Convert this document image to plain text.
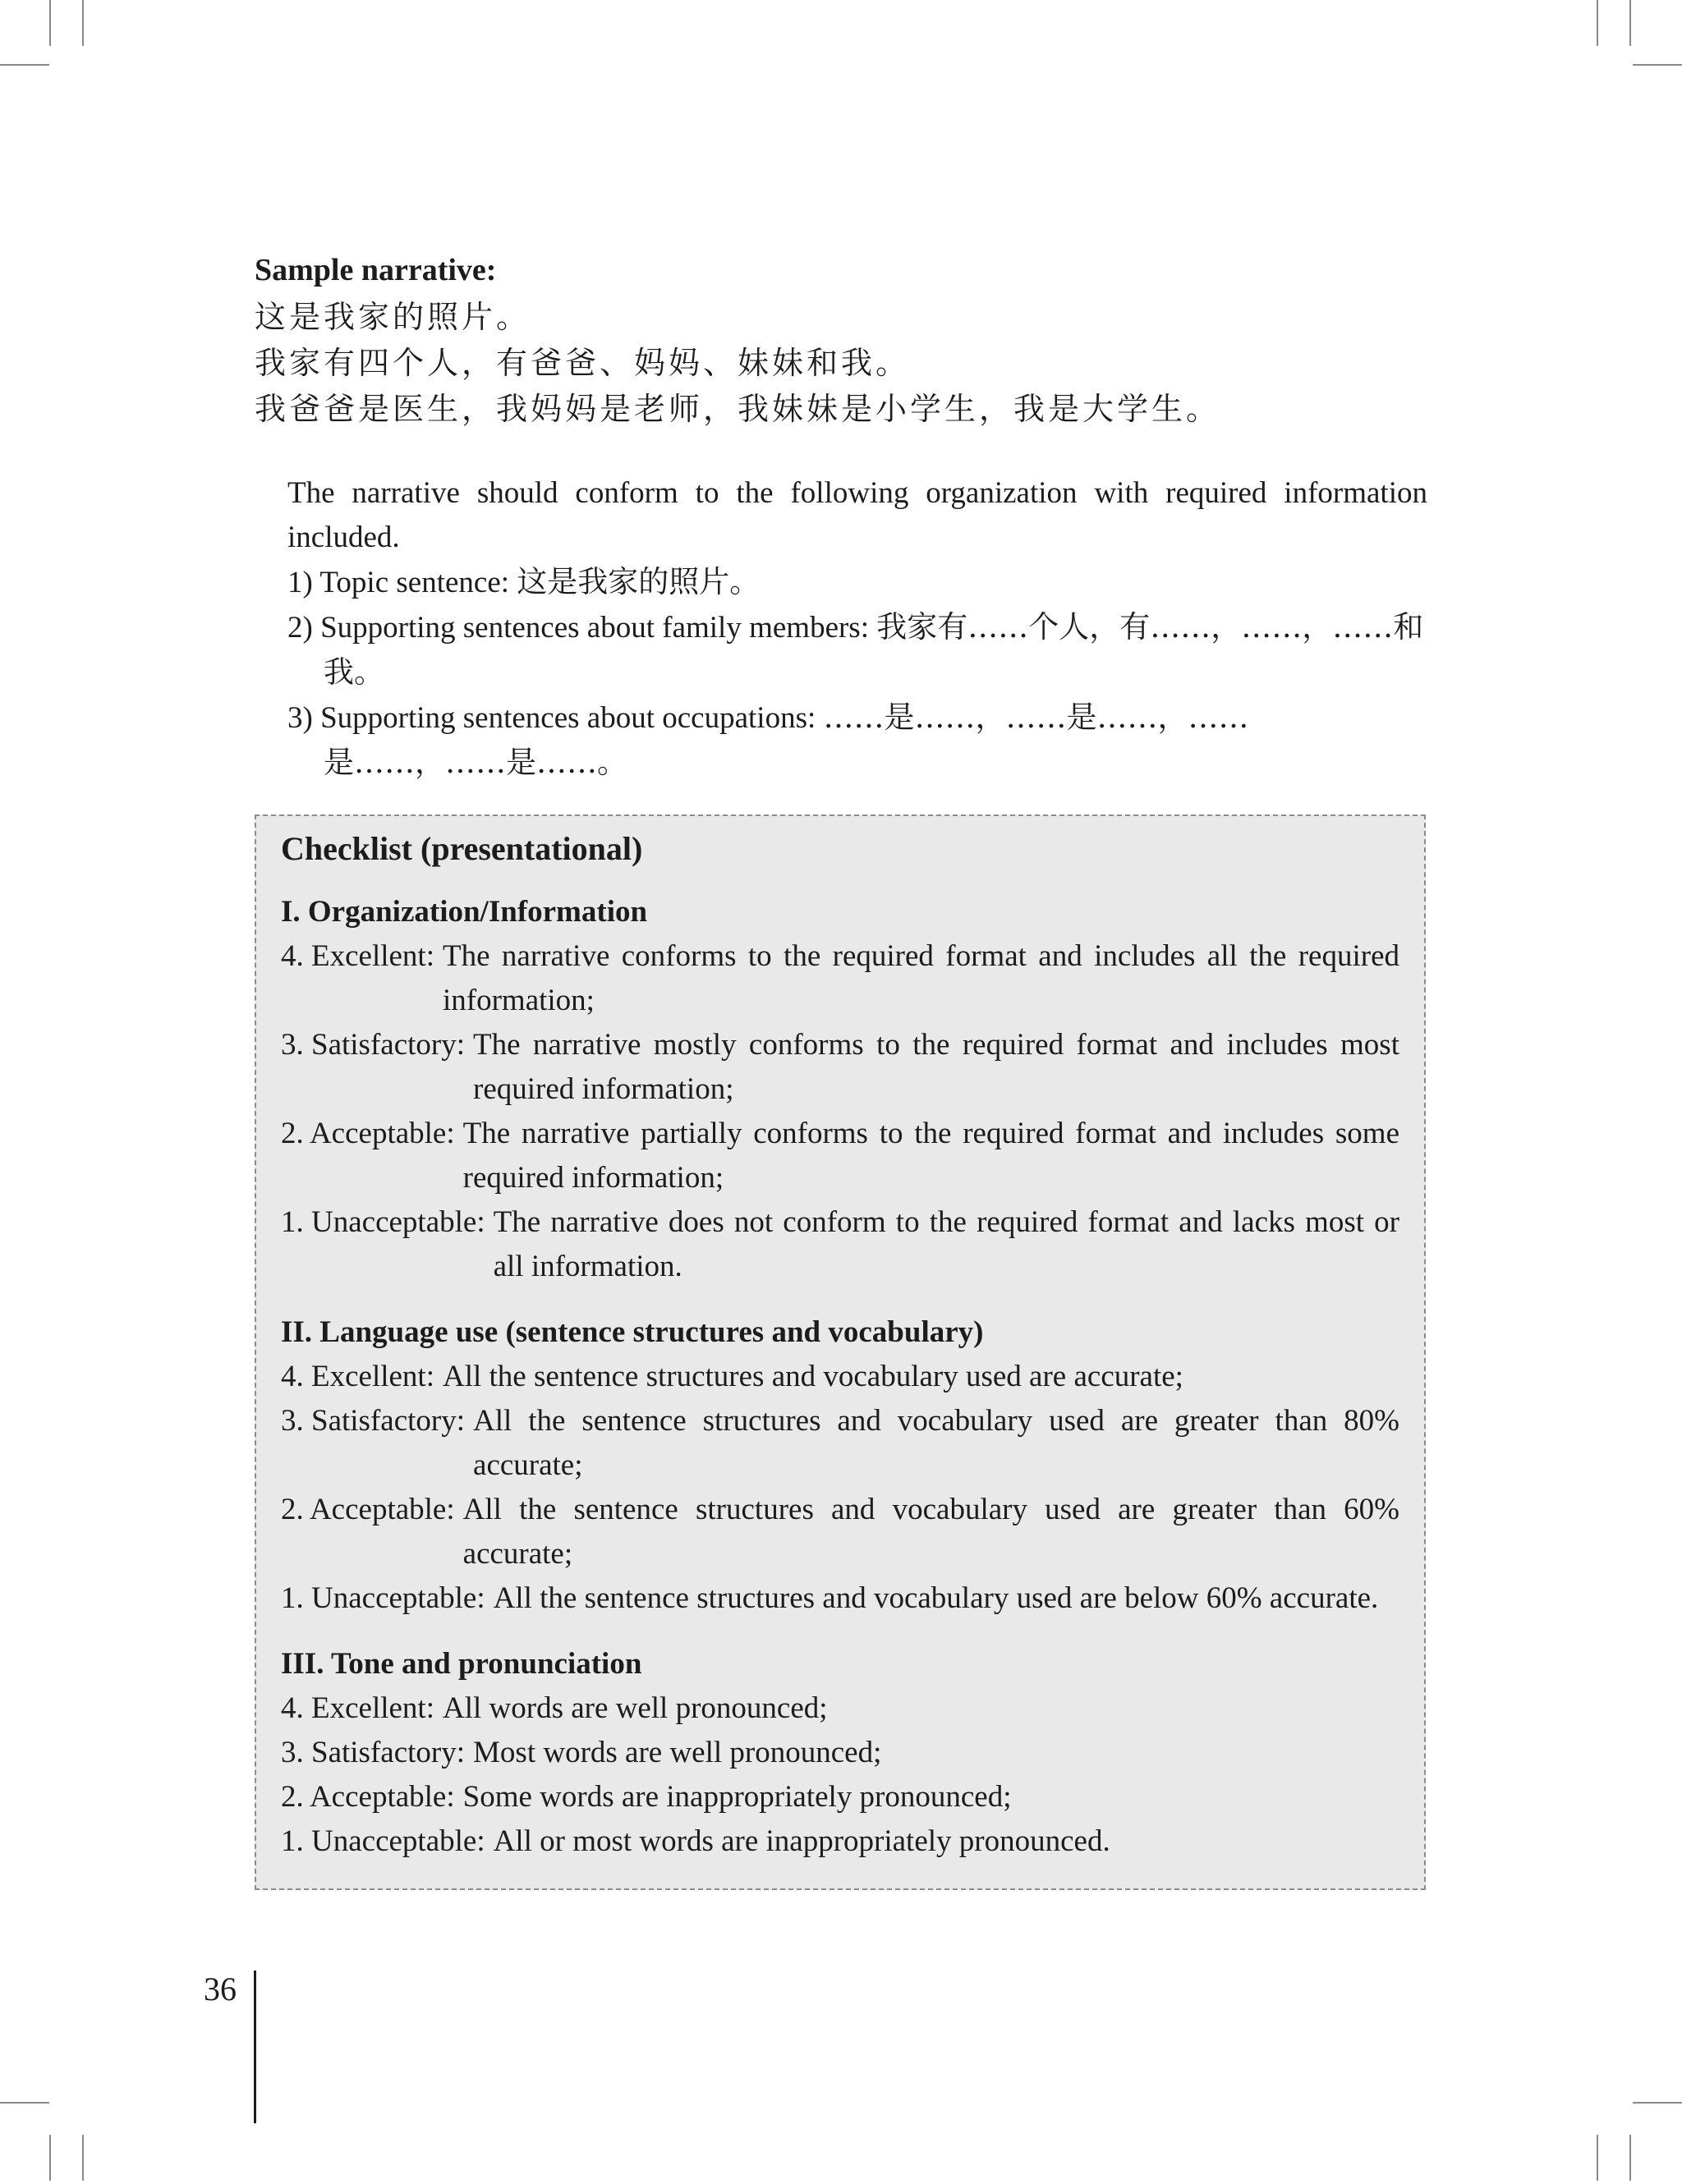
Sample narrative:
这是我家的照片。
我家有四个人，有爸爸、妈妈、妹妹和我。
我爸爸是医生，我妈妈是老师，我妹妹是小学生，我是大学生。
The narrative should conform to the following organization with required information included.
1) Topic sentence: 这是我家的照片。
2) Supporting sentences about family members: 我家有……个人，有……，……，……和我。
3) Supporting sentences about occupations: ……是……，……是……，……是……，……是……。
Checklist (presentational)
I. Organization/Information
4. Excellent: The narrative conforms to the required format and includes all the required information;
3. Satisfactory: The narrative mostly conforms to the required format and includes most required information;
2. Acceptable: The narrative partially conforms to the required format and includes some required information;
1. Unacceptable: The narrative does not conform to the required format and lacks most or all information.
II. Language use (sentence structures and vocabulary)
4. Excellent: All the sentence structures and vocabulary used are accurate;
3. Satisfactory: All the sentence structures and vocabulary used are greater than 80% accurate;
2. Acceptable: All the sentence structures and vocabulary used are greater than 60% accurate;
1. Unacceptable: All the sentence structures and vocabulary used are below 60% accurate.
III. Tone and pronunciation
4. Excellent: All words are well pronounced;
3. Satisfactory: Most words are well pronounced;
2. Acceptable: Some words are inappropriately pronounced;
1. Unacceptable: All or most words are inappropriately pronounced.
36
